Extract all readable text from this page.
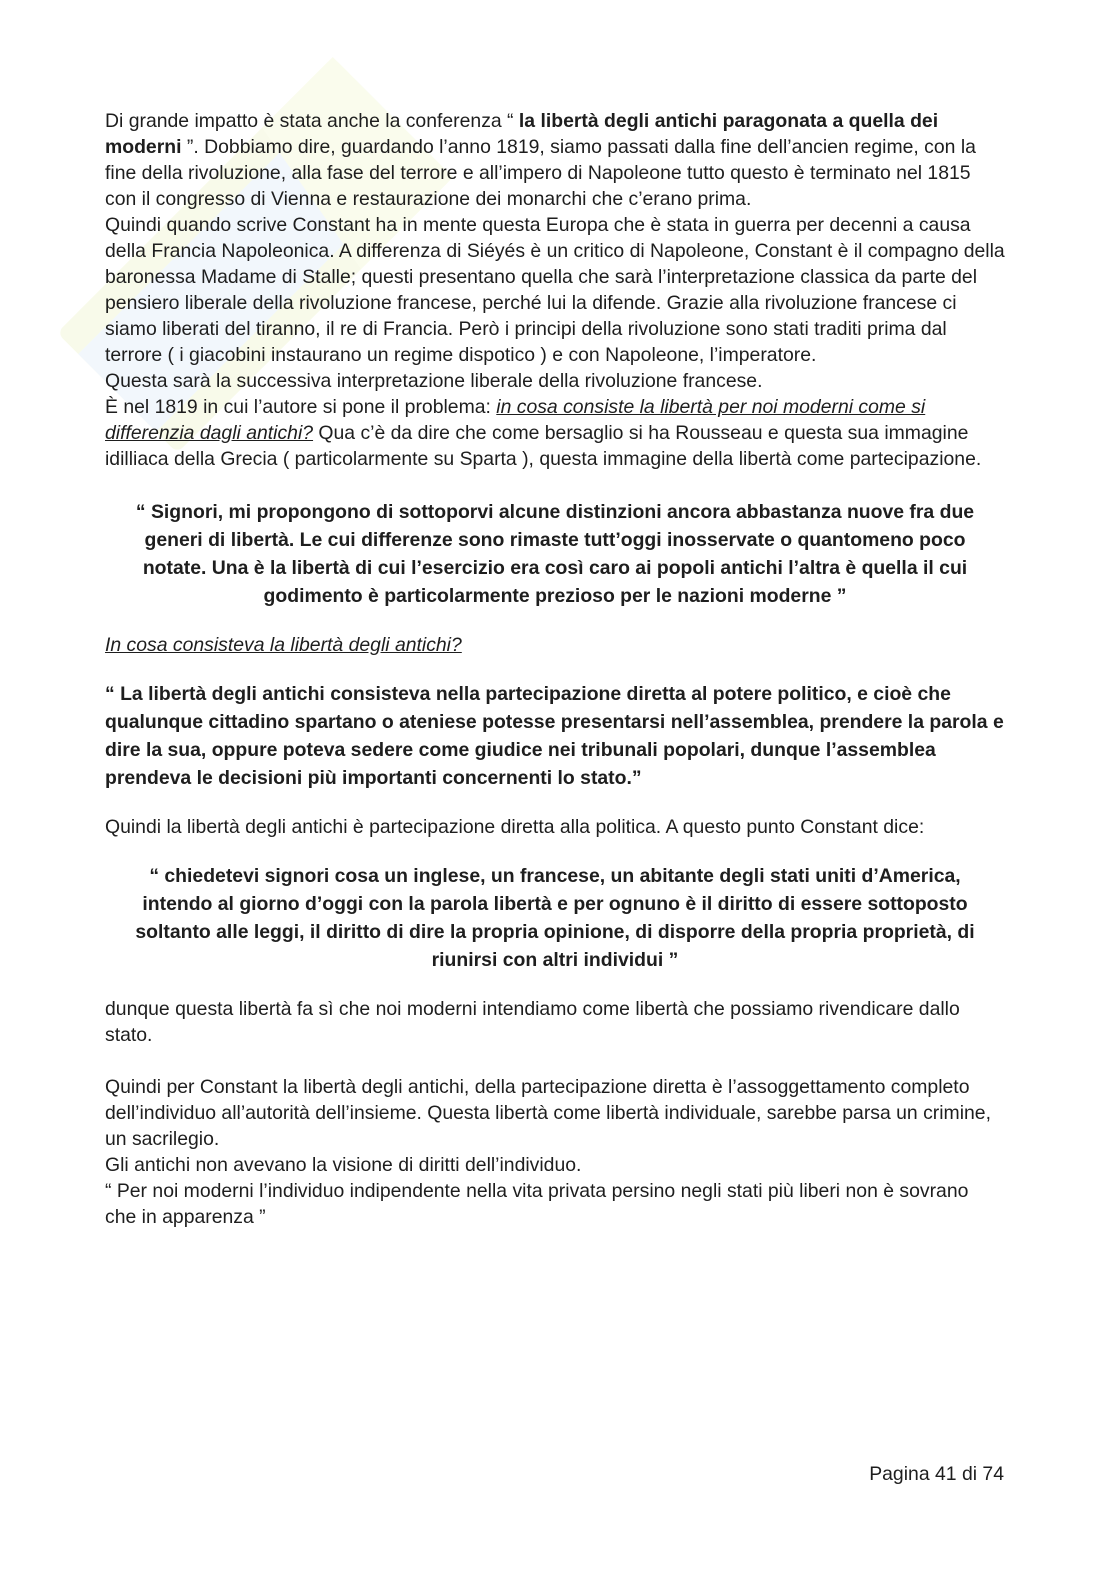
Di grande impatto è stata anche la conferenza “ la libertà degli antichi paragonata a quella dei moderni ”. Dobbiamo dire, guardando l’anno 1819, siamo passati dalla fine dell’ancien regime, con la fine della rivoluzione, alla fase del terrore e all’impero di Napoleone tutto questo è terminato nel 1815 con il congresso di Vienna e restaurazione dei monarchi che c’erano prima.

Quindi quando scrive Constant ha in mente questa Europa che è stata in guerra per decenni a causa della Francia Napoleonica. A differenza di Siéyés è un critico di Napoleone, Constant è il compagno della baronessa Madame di Stalle; questi presentano quella che sarà l’interpretazione classica da parte del pensiero liberale della rivoluzione francese, perché lui la difende. Grazie alla rivoluzione francese ci siamo liberati del tiranno, il re di Francia. Però i principi della rivoluzione sono stati traditi prima dal terrore ( i giacobini instaurano un regime dispotico ) e con Napoleone, l’imperatore.

Questa sarà la successiva interpretazione liberale della rivoluzione francese.

È nel 1819 in cui l’autore si pone il problema: in cosa consiste la libertà per noi moderni come si differenzia dagli antichi? Qua c’è da dire che come bersaglio si ha Rousseau e questa sua immagine idilliaca della Grecia ( particolarmente su Sparta ), questa immagine della libertà come partecipazione.

“ Signori, mi propongono di sottoporvi alcune distinzioni ancora abbastanza nuove fra due generi di libertà. Le cui differenze sono rimaste tutt’oggi inosservate o quantomeno poco notate. Una è la libertà di cui l’esercizio era così caro ai popoli antichi l’altra è quella il cui godimento è particolarmente prezioso per le nazioni moderne ”

In cosa consisteva la libertà degli antichi?

“ La libertà degli antichi consisteva nella partecipazione diretta al potere politico, e cioè che qualunque cittadino spartano o ateniese potesse presentarsi nell’assemblea, prendere la parola e dire la sua, oppure poteva sedere come giudice nei tribunali popolari, dunque l’assemblea prendeva le decisioni più importanti concernenti lo stato.”

Quindi la libertà degli antichi è partecipazione diretta alla politica. A questo punto Constant dice:

“ chiedetevi signori cosa un inglese, un francese, un abitante degli stati uniti d’America, intendo al giorno d’oggi con la parola libertà e per ognuno è il diritto di essere sottoposto soltanto alle leggi, il diritto di dire la propria opinione, di disporre della propria proprietà, di riunirsi con altri individui ”

dunque questa libertà fa sì che noi moderni intendiamo come libertà che possiamo rivendicare dallo stato.

Quindi per Constant la libertà degli antichi, della partecipazione diretta è l’assoggettamento completo dell’individuo all’autorità dell’insieme. Questa libertà come libertà individuale, sarebbe parsa un crimine, un sacrilegio.

Gli antichi non avevano la visione di diritti dell’individuo.

“ Per noi moderni l’individuo indipendente nella vita privata persino negli stati più liberi non è sovrano che in apparenza ”

Pagina 41 di 74
